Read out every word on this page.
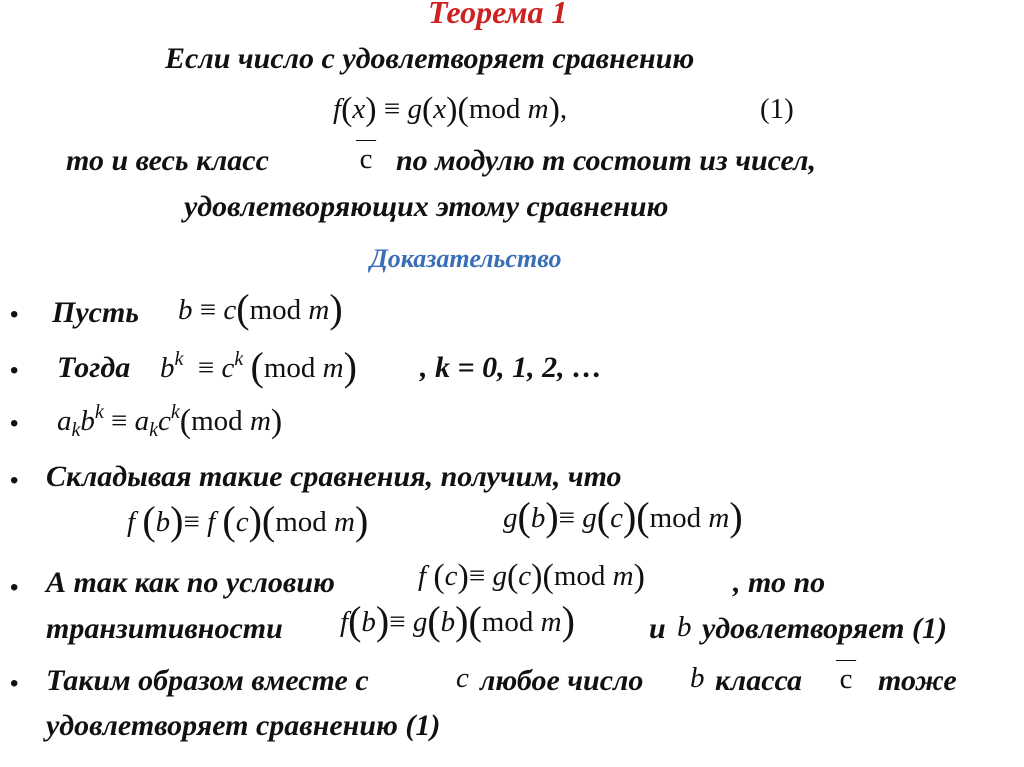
Теорема 1
Если число c удовлетворяет сравнению
f(x) ≡ g(x)(mod m),	(1)
то и весь класс
—
c по модулю m состоит из чисел,
удовлетворяющих этому сравнению
Доказательство
• Пусть b ≡ c(mod m)
• Тогда $b^k \equiv c^k$ (mod m) , k = 0, 1, 2, …
• $a_kb^k \equiv a_kc^k(mod$ m)
• Складывая такие сравнения, получим, что
f (b)≡ f (c)(mod m)	g(b)≡ g(c)(mod m)
• А так как по условию	f (c)≡ g(c)(mod m)	, то по
транзитивности f(b)≡ g(b)(mod m) и b удовлетворяет (1)
• Таким образом вместе с	c любое число b класса
—
c тоже
удовлетворяет сравнению (1)
